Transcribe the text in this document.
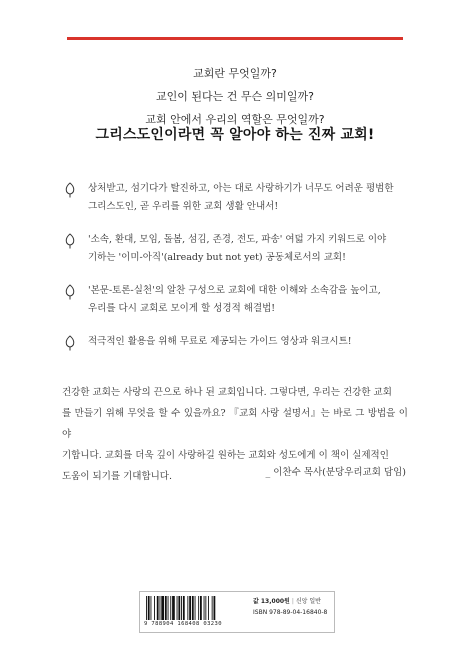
교회란 무엇일까?
교인이 된다는 건 무슨 의미일까?
교회 안에서 우리의 역할은 무엇일까?
그리스도인이라면 꼭 알아야 하는 진짜 교회!

상처받고, 섬기다가 탈진하고, 아는 대로 사랑하기가 너무도 어려운 평범한

그리스도인, 곧 우리를 위한 교회 생활 안내서!

'소속, 환대, 모임, 돌봄, 섬김, 존경, 전도, 파송' 여덟 가지 키워드로 이야

기하는 '이미-아직'(already but not yet) 공동체로서의 교회!

'본문-토론-실천'의 알찬 구성으로 교회에 대한 이해와 소속감을 높이고,

우리를 다시 교회로 모이게 할 성경적 해결법!

적극적인 활용을 위해 무료로 제공되는 가이드 영상과 워크시트!

건강한 교회는 사랑의 끈으로 하나 된 교회입니다. 그렇다면, 우리는 건강한 교회

를 만들기 위해 무엇을 할 수 있을까요? 『교회 사랑 설명서』는 바로 그 방법을 이야

기합니다. 교회를 더욱 깊이 사랑하길 원하는 교회와 성도에게 이 책이 실제적인

도움이 되기를 기대합니다.	_ 이찬수 목사(분당우리교회 담임)
9 788904 168408 03230
값 13,000원 | 신앙 일반
ISBN 978-89-04-16840-8
